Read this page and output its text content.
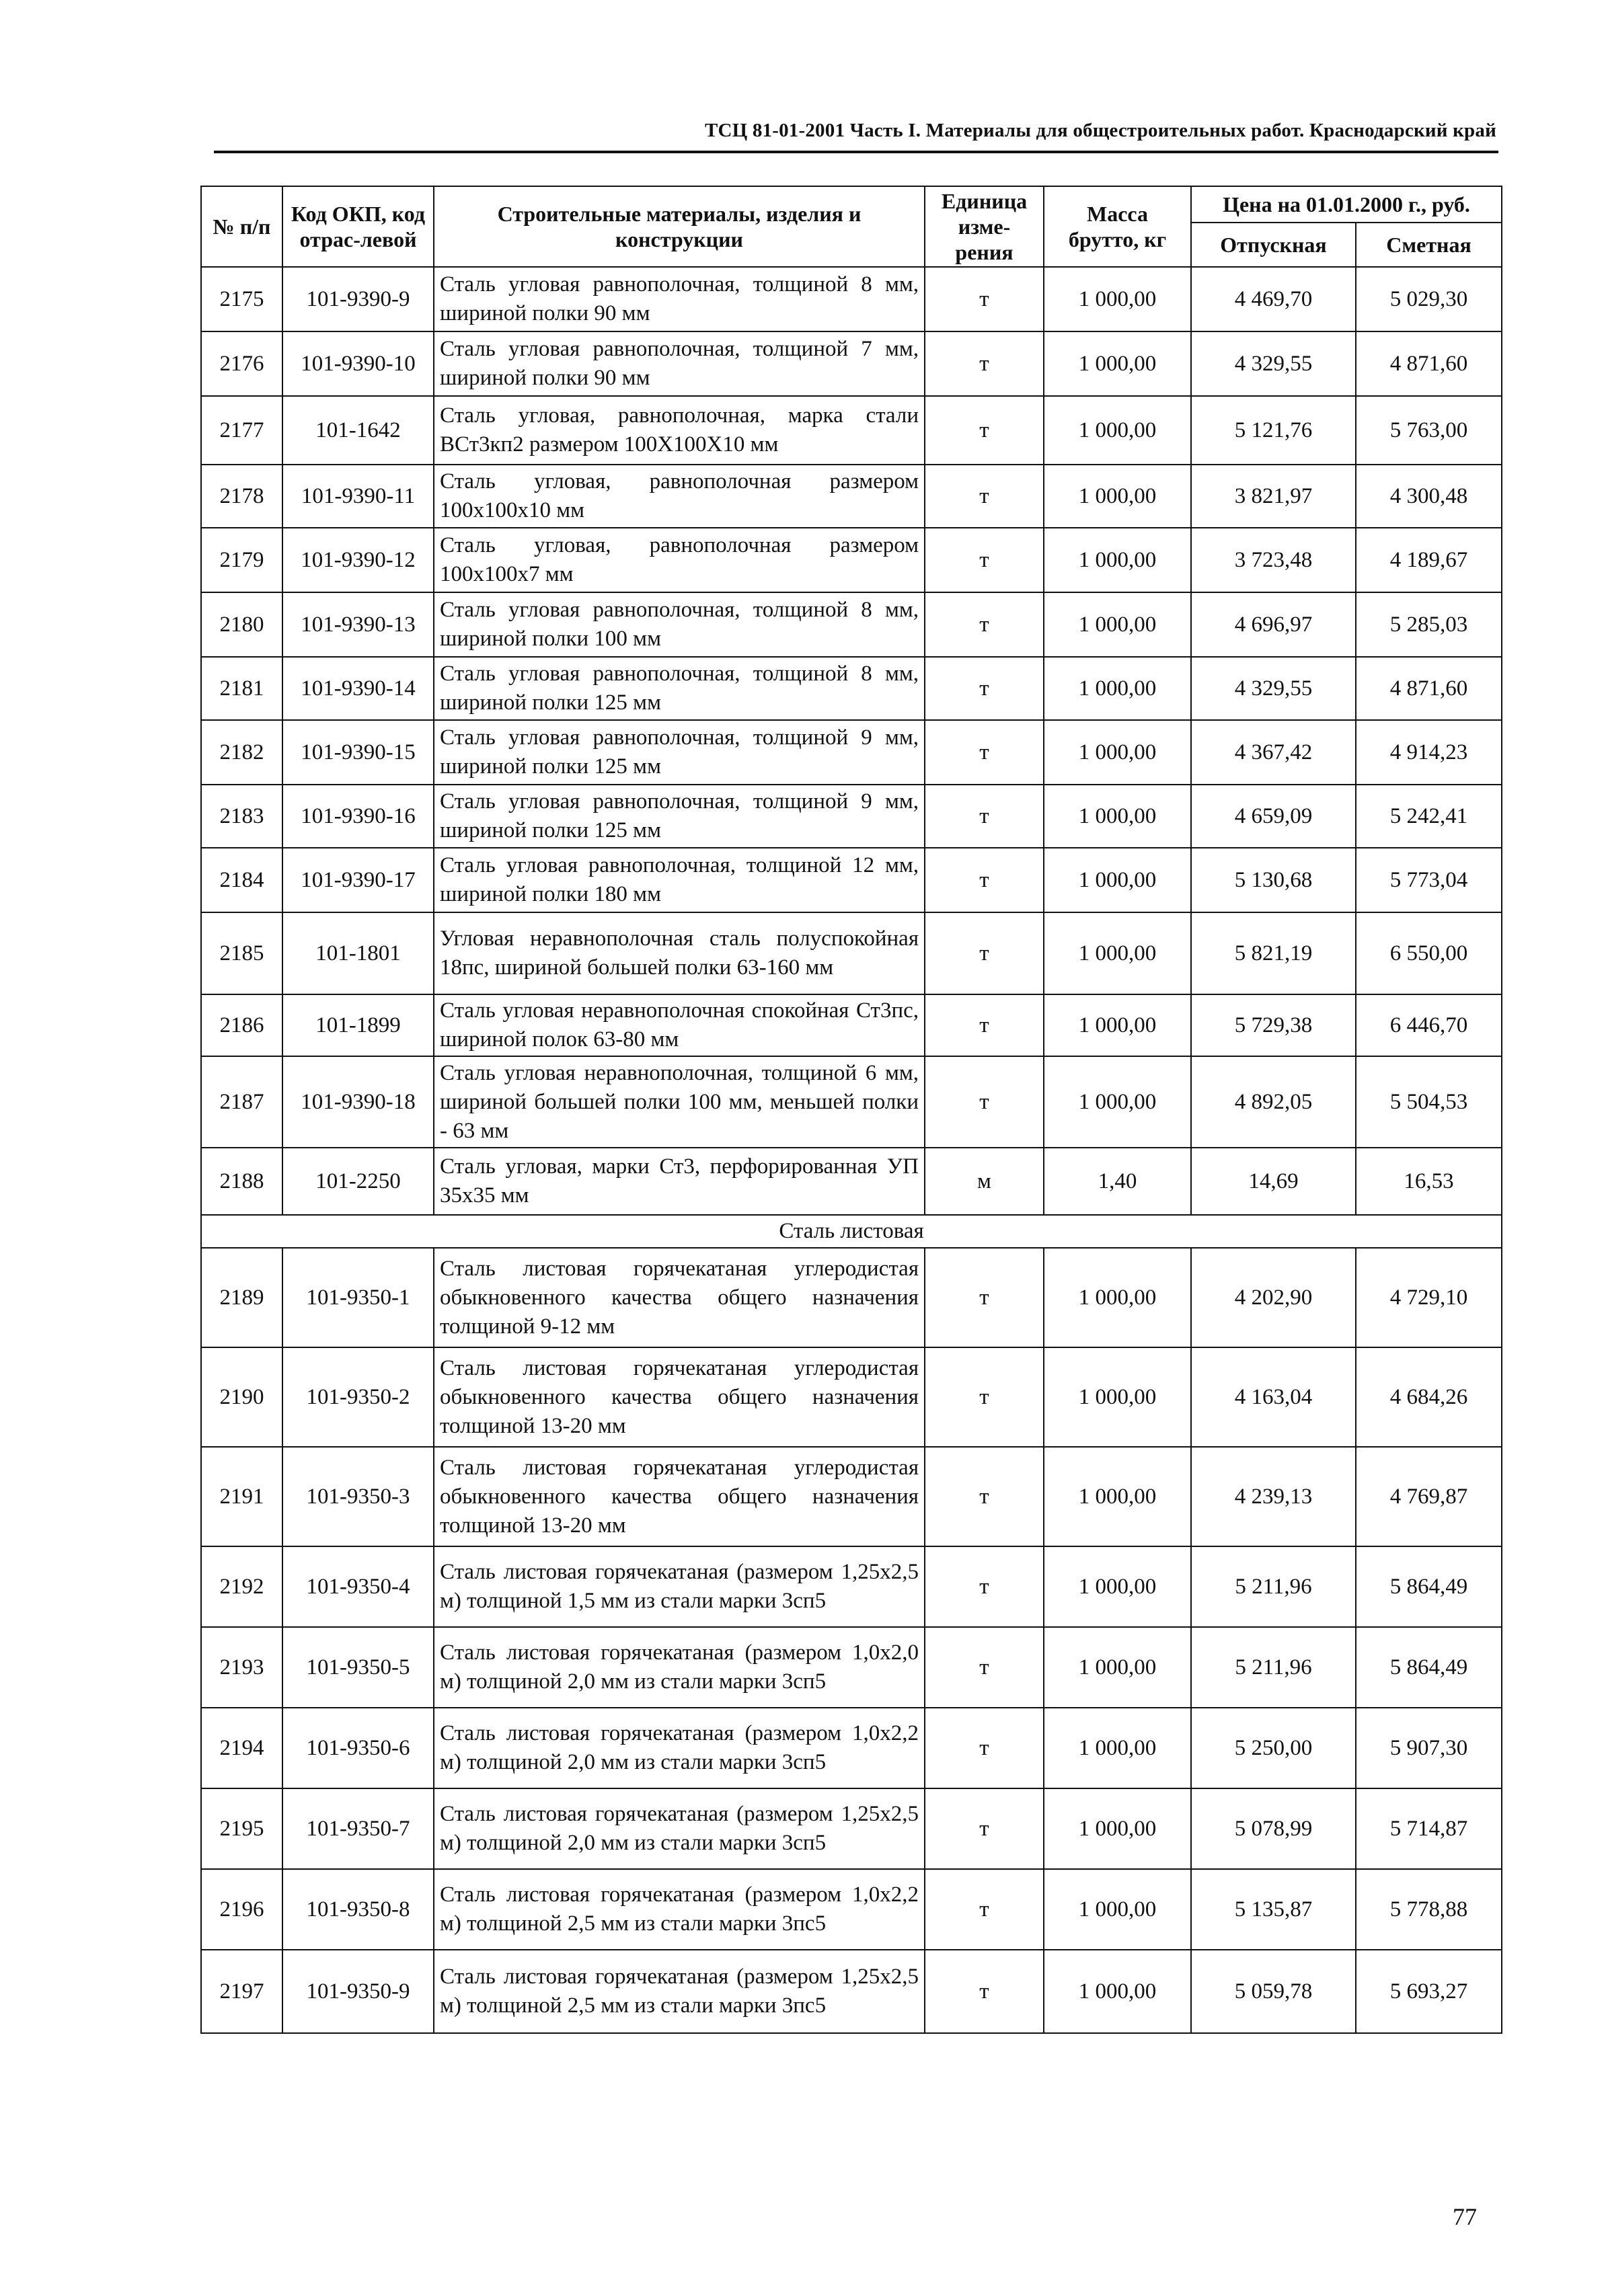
ТСЦ 81-01-2001 Часть I. Материалы для общестроительных работ. Краснодарский край
№ п/п	Код ОКП, код отрас-левой	Строительные материалы, изделия и конструкции	Единица изме-рения	Масса брутто, кг	Цена на 01.01.2000 г., руб.	
					Отпускная	Сметная
2175	101-9390-9	Сталь угловая равнополочная, толщиной 8 мм, шириной полки 90 мм	т	1 000,00	4 469,70	5 029,30
2176	101-9390-10	Сталь угловая равнополочная, толщиной 7 мм, шириной полки 90 мм	т	1 000,00	4 329,55	4 871,60
2177	101-1642	Сталь угловая, равнополочная, марка стали ВСт3кп2 размером 100Х100Х10 мм	т	1 000,00	5 121,76	5 763,00
2178	101-9390-11	Сталь угловая, равнополочная размером 100х100х10 мм	т	1 000,00	3 821,97	4 300,48
2179	101-9390-12	Сталь угловая, равнополочная размером 100х100х7 мм	т	1 000,00	3 723,48	4 189,67
2180	101-9390-13	Сталь угловая равнополочная, толщиной 8 мм, шириной полки 100 мм	т	1 000,00	4 696,97	5 285,03
2181	101-9390-14	Сталь угловая равнополочная, толщиной 8 мм, шириной полки 125 мм	т	1 000,00	4 329,55	4 871,60
2182	101-9390-15	Сталь угловая равнополочная, толщиной 9 мм, шириной полки 125 мм	т	1 000,00	4 367,42	4 914,23
2183	101-9390-16	Сталь угловая равнополочная, толщиной 9 мм, шириной полки 125 мм	т	1 000,00	4 659,09	5 242,41
2184	101-9390-17	Сталь угловая равнополочная, толщиной 12 мм, шириной полки 180 мм	т	1 000,00	5 130,68	5 773,04
2185	101-1801	Угловая неравнополочная сталь полуспокойная 18пс, шириной большей полки 63-160 мм	т	1 000,00	5 821,19	6 550,00
2186	101-1899	Сталь угловая неравнополочная спокойная Ст3пс, шириной полок 63-80 мм	т	1 000,00	5 729,38	6 446,70
2187	101-9390-18	Сталь угловая неравнополочная, толщиной 6 мм, шириной большей полки 100 мм, меньшей полки - 63 мм	т	1 000,00	4 892,05	5 504,53
2188	101-2250	Сталь угловая, марки Ст3, перфорированная УП 35х35 мм	м	1,40	14,69	16,53
Сталь листовая						
2189	101-9350-1	Сталь листовая горячекатаная углеродистая обыкновенного качества общего назначения толщиной 9-12 мм	т	1 000,00	4 202,90	4 729,10
2190	101-9350-2	Сталь листовая горячекатаная углеродистая обыкновенного качества общего назначения толщиной 13-20 мм	т	1 000,00	4 163,04	4 684,26
2191	101-9350-3	Сталь листовая горячекатаная углеродистая обыкновенного качества общего назначения толщиной 13-20 мм	т	1 000,00	4 239,13	4 769,87
2192	101-9350-4	Сталь листовая горячекатаная (размером 1,25х2,5 м) толщиной 1,5 мм из стали марки 3сп5	т	1 000,00	5 211,96	5 864,49
2193	101-9350-5	Сталь листовая горячекатаная (размером 1,0х2,0 м) толщиной 2,0 мм из стали марки 3сп5	т	1 000,00	5 211,96	5 864,49
2194	101-9350-6	Сталь листовая горячекатаная (размером 1,0х2,2 м) толщиной 2,0 мм из стали марки 3сп5	т	1 000,00	5 250,00	5 907,30
2195	101-9350-7	Сталь листовая горячекатаная (размером 1,25х2,5 м) толщиной 2,0 мм из стали марки 3сп5	т	1 000,00	5 078,99	5 714,87
2196	101-9350-8	Сталь листовая горячекатаная (размером 1,0х2,2 м) толщиной 2,5 мм из стали марки 3пс5	т	1 000,00	5 135,87	5 778,88
2197	101-9350-9	Сталь листовая горячекатаная (размером 1,25х2,5 м) толщиной 2,5 мм из стали марки 3пс5	т	1 000,00	5 059,78	5 693,27
77
